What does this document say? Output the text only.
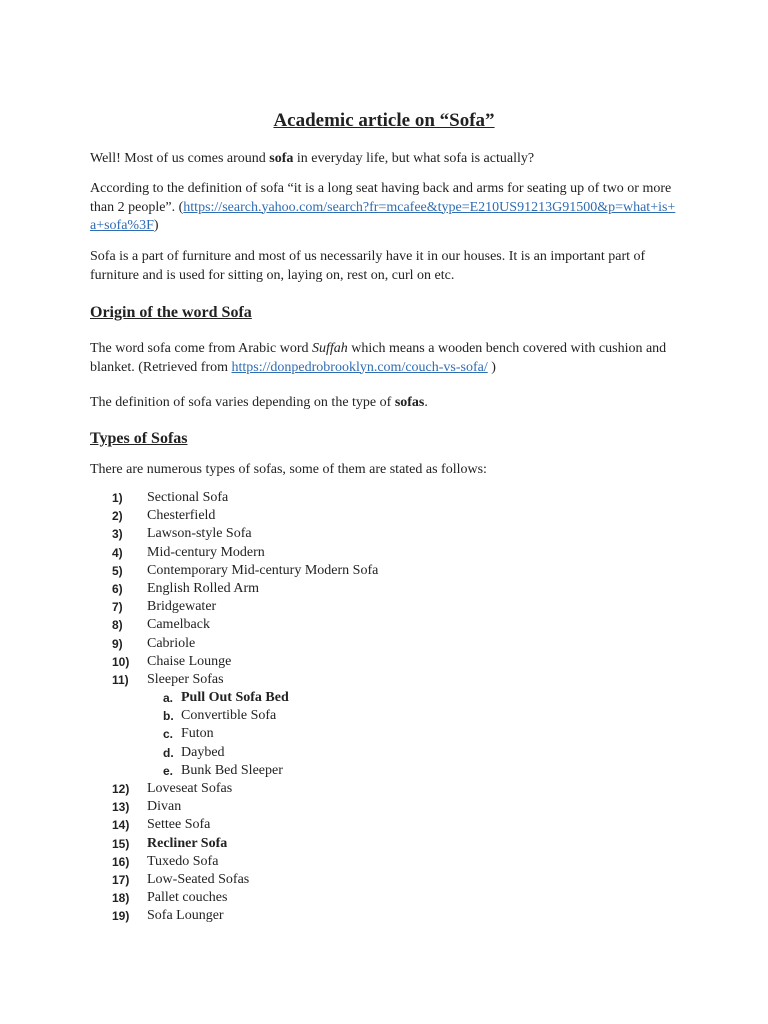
Academic article on “Sofa”
Well! Most of us comes around sofa in everyday life, but what sofa is actually?
According to the definition of sofa “it is a long seat having back and arms for seating up of two or more than 2 people”. (https://search.yahoo.com/search?fr=mcafee&type=E210US91213G91500&p=what+is+a+sofa%3F)
Sofa is a part of furniture and most of us necessarily have it in our houses. It is an important part of furniture and is used for sitting on, laying on, rest on, curl on etc.
Origin of the word Sofa
The word sofa come from Arabic word Suffah which means a wooden bench covered with cushion and blanket. (Retrieved from https://donpedrobrooklyn.com/couch-vs-sofa/ )
The definition of sofa varies depending on the type of sofas.
Types of Sofas
There are numerous types of sofas, some of them are stated as follows:
1)	Sectional Sofa
2)	Chesterfield
3)	Lawson-style Sofa
4)	Mid-century Modern
5)	Contemporary Mid-century Modern Sofa
6)	English Rolled Arm
7)	Bridgewater
8)	Camelback
9)	Cabriole
10)	Chaise Lounge
11)	Sleeper Sofas
a. Pull Out Sofa Bed
b. Convertible Sofa
c. Futon
d. Daybed
e. Bunk Bed Sleeper
12)	Loveseat Sofas
13)	Divan
14)	Settee Sofa
15)	Recliner Sofa
16)	Tuxedo Sofa
17)	Low-Seated Sofas
18)	Pallet couches
19)	Sofa Lounger
